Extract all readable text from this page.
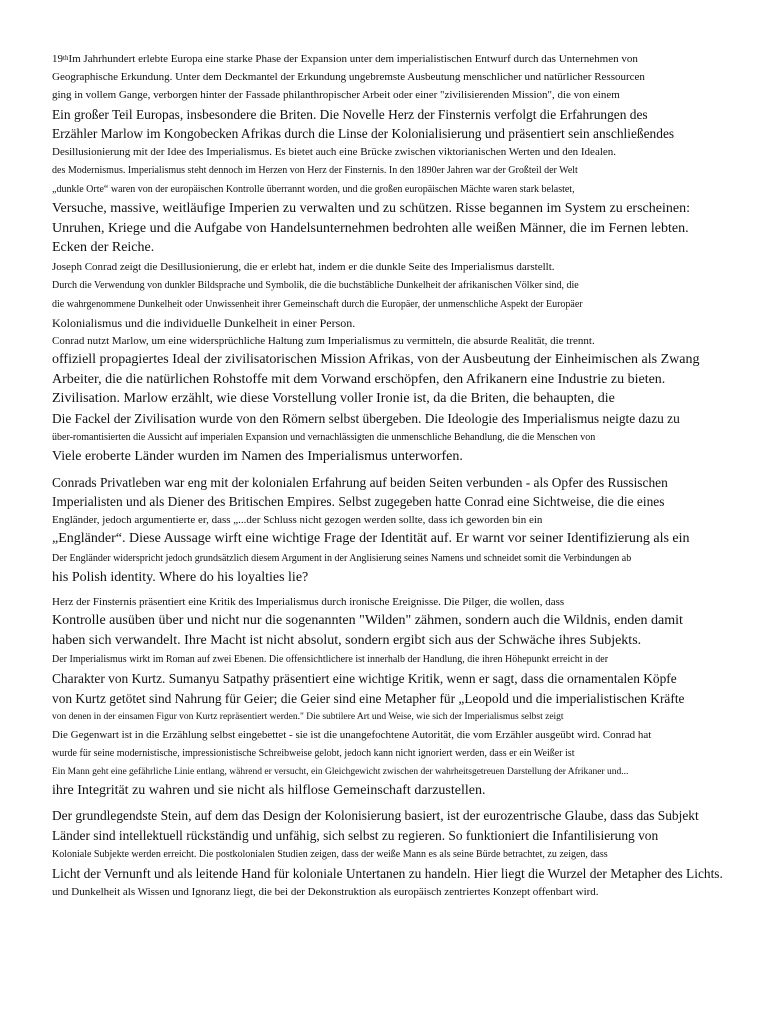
19thIm Jahrhundert erlebte Europa eine starke Phase der Expansion unter dem imperialistischen Entwurf durch das Unternehmen von
Geographische Erkundung. Unter dem Deckmantel der Erkundung ungebremste Ausbeutung menschlicher und natürlicher Ressourcen
ging in vollem Gange, verborgen hinter der Fassade philanthropischer Arbeit oder einer "zivilisierenden Mission", die von einem
Ein großer Teil Europas, insbesondere die Briten. Die Novelle Herz der Finsternis verfolgt die Erfahrungen des
Erzähler Marlow im Kongobecken Afrikas durch die Linse der Kolonialisierung und präsentiert sein anschließendes
Desillusionierung mit der Idee des Imperialismus. Es bietet auch eine Brücke zwischen viktorianischen Werten und den Idealen.
des Modernismus. Imperialismus steht dennoch im Herzen von Herz der Finsternis. In den 1890er Jahren war der Großteil der Welt
„dunkle Orte“ waren von der europäischen Kontrolle überrannt worden, und die großen europäischen Mächte waren stark belastet,
Versuche, massive, weitläufige Imperien zu verwalten und zu schützen. Risse begannen im System zu erscheinen:
Unruhen, Kriege und die Aufgabe von Handelsunternehmen bedrohten alle weißen Männer, die im Fernen lebten.
Ecken der Reiche.
Joseph Conrad zeigt die Desillusionierung, die er erlebt hat, indem er die dunkle Seite des Imperialismus darstellt.
Durch die Verwendung von dunkler Bildsprache und Symbolik, die die buchstäbliche Dunkelheit der afrikanischen Völker sind, die
die wahrgenommene Dunkelheit oder Unwissenheit ihrer Gemeinschaft durch die Europäer, der unmenschliche Aspekt der Europäer
Kolonialismus und die individuelle Dunkelheit in einer Person.
Conrad nutzt Marlow, um eine widersprüchliche Haltung zum Imperialismus zu vermitteln, die absurde Realität, die trennt.
offiziell propagiertes Ideal der zivilisatorischen Mission Afrikas, von der Ausbeutung der Einheimischen als Zwang
Arbeiter, die die natürlichen Rohstoffe mit dem Vorwand erschöpfen, den Afrikanern eine Industrie zu bieten.
Zivilisation. Marlow erzählt, wie diese Vorstellung voller Ironie ist, da die Briten, die behaupten, die
Die Fackel der Zivilisation wurde von den Römern selbst übergeben. Die Ideologie des Imperialismus neigte dazu zu
über-romantisierten die Aussicht auf imperialen Expansion und vernachlässigten die unmenschliche Behandlung, die die Menschen von
Viele eroberte Länder wurden im Namen des Imperialismus unterworfen.
Conrads Privatleben war eng mit der kolonialen Erfahrung auf beiden Seiten verbunden - als Opfer des Russischen
Imperialisten und als Diener des Britischen Empires. Selbst zugegeben hatte Conrad eine Sichtweise, die die eines
Engländer, jedoch argumentierte er, dass „...der Schluss nicht gezogen werden sollte, dass ich geworden bin ein
„Engländer“. Diese Aussage wirft eine wichtige Frage der Identität auf. Er warnt vor seiner Identifizierung als ein
Der Engländer widerspricht jedoch grundsätzlich diesem Argument in der Anglisierung seines Namens und schneidet somit die Verbindungen ab
his Polish identity. Where do his loyalties lie?
Herz der Finsternis präsentiert eine Kritik des Imperialismus durch ironische Ereignisse. Die Pilger, die wollen, dass
Kontrolle ausüben über und nicht nur die sogenannten "Wilden" zähmen, sondern auch die Wildnis, enden damit
haben sich verwandelt. Ihre Macht ist nicht absolut, sondern ergibt sich aus der Schwäche ihres Subjekts.
Der Imperialismus wirkt im Roman auf zwei Ebenen. Die offensichtlichere ist innerhalb der Handlung, die ihren Höhepunkt erreicht in der
Charakter von Kurtz. Sumanyu Satpathy präsentiert eine wichtige Kritik, wenn er sagt, dass die ornamentalen Köpfe
von Kurtz getötet sind Nahrung für Geier; die Geier sind eine Metapher für „Leopold und die imperialistischen Kräfte
von denen in der einsamen Figur von Kurtz repräsentiert werden." Die subtilere Art und Weise, wie sich der Imperialismus selbst zeigt
Die Gegenwart ist in die Erzählung selbst eingebettet - sie ist die unangefochtene Autorität, die vom Erzähler ausgeübt wird. Conrad hat
wurde für seine modernistische, impressionistische Schreibweise gelobt, jedoch kann nicht ignoriert werden, dass er ein Weißer ist
Ein Mann geht eine gefährliche Linie entlang, während er versucht, ein Gleichgewicht zwischen der wahrheitsgetreuen Darstellung der Afrikaner und...
ihre Integrität zu wahren und sie nicht als hilflose Gemeinschaft darzustellen.
Der grundlegendste Stein, auf dem das Design der Kolonisierung basiert, ist der eurozentrische Glaube, dass das Subjekt
Länder sind intellektuell rückständig und unfähig, sich selbst zu regieren. So funktioniert die Infantilisierung von
Koloniale Subjekte werden erreicht. Die postkolonialen Studien zeigen, dass der weiße Mann es als seine Bürde betrachtet, zu zeigen, dass
Licht der Vernunft und als leitende Hand für koloniale Untertanen zu handeln. Hier liegt die Wurzel der Metapher des Lichts.
und Dunkelheit als Wissen und Ignoranz liegt, die bei der Dekonstruktion als europäisch zentriertes Konzept offenbart wird.
